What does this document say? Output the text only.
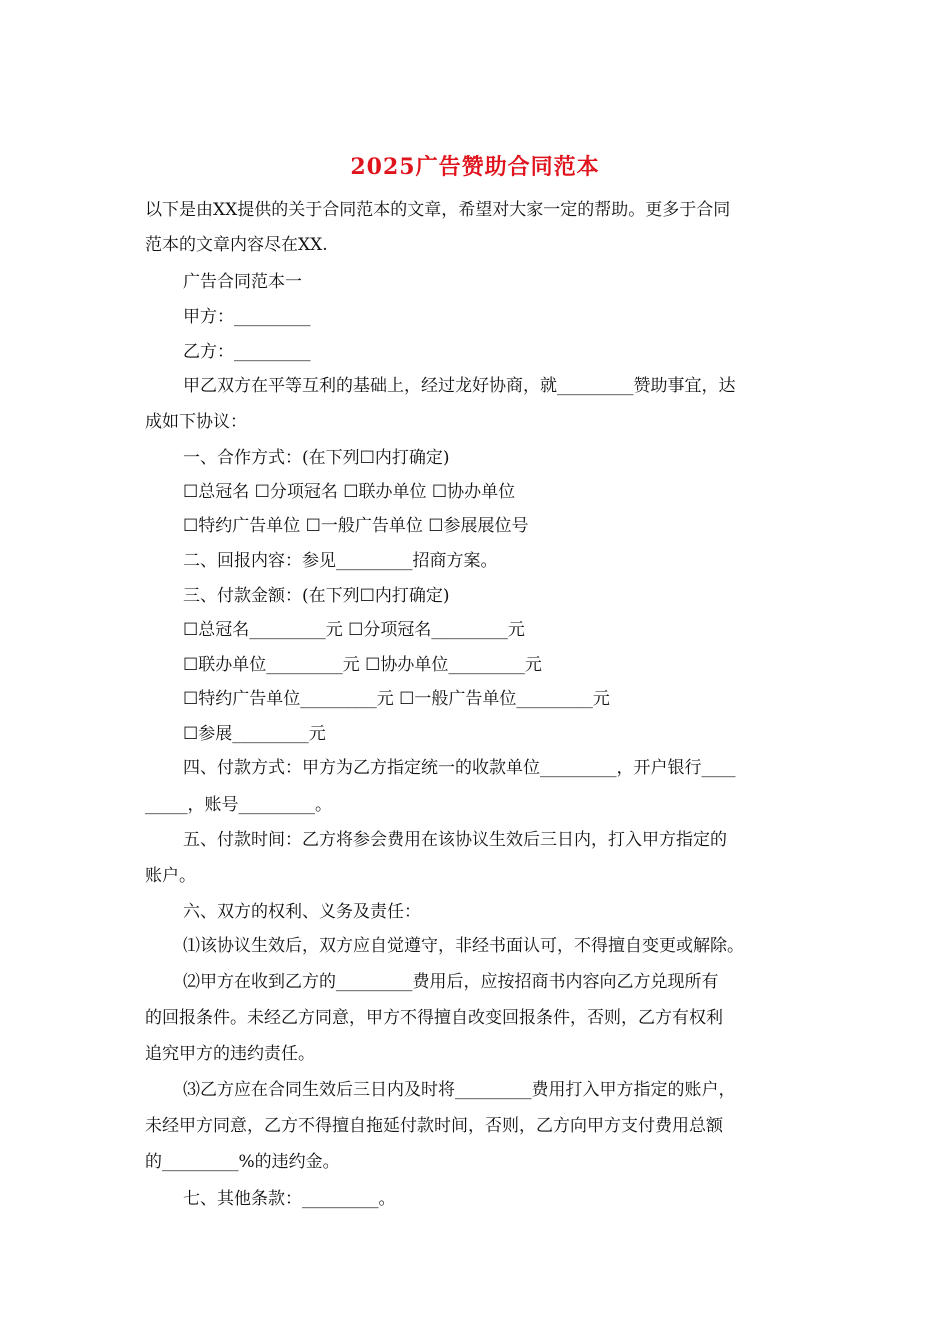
2025广告赞助合同范本
以下是由XX提供的关于合同范本的文章，希望对大家一定的帮助。更多于合同
范本的文章内容尽在XX.
广告合同范本一
甲方：_________
乙方：_________
甲乙双方在平等互利的基础上，经过龙好协商，就_________赞助事宜，达
成如下协议：
一、合作方式：(在下列☐内打确定)
☐总冠名 ☐分项冠名 ☐联办单位 ☐协办单位
☐特约广告单位 ☐一般广告单位 ☐参展展位号
二、回报内容：参见_________招商方案。
三、付款金额：(在下列☐内打确定)
☐总冠名_________元 ☐分项冠名_________元
☐联办单位_________元 ☐协办单位_________元
☐特约广告单位_________元 ☐一般广告单位_________元
☐参展_________元
四、付款方式：甲方为乙方指定统一的收款单位_________，开户银行____
_____，账号_________。
五、付款时间：乙方将参会费用在该协议生效后三日内，打入甲方指定的
账户。
六、双方的权利、义务及责任：
⑴该协议生效后，双方应自觉遵守，非经书面认可，不得擅自变更或解除。
⑵甲方在收到乙方的_________费用后，应按招商书内容向乙方兑现所有
的回报条件。未经乙方同意，甲方不得擅自改变回报条件，否则，乙方有权利
追究甲方的违约责任。
⑶乙方应在合同生效后三日内及时将_________费用打入甲方指定的账户，
未经甲方同意，乙方不得擅自拖延付款时间，否则，乙方向甲方支付费用总额
的_________%的违约金。
七、其他条款：_________。
